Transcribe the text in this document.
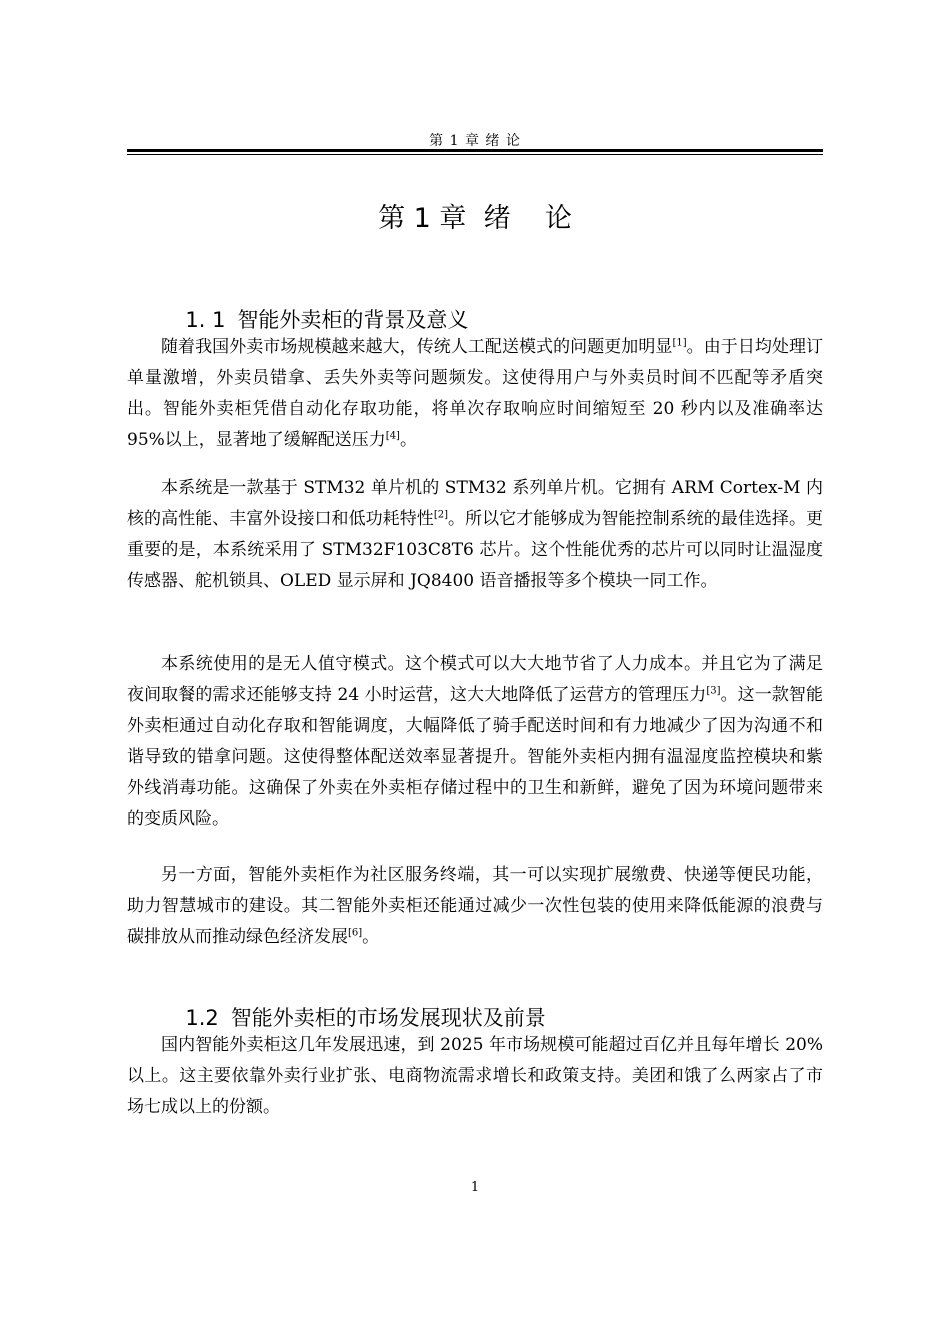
第 1 章 绪 论
第 1 章  绪    论

1. 1 智能外卖柜的背景及意义

随着我国外卖市场规模越来越大，传统人工配送模式的问题更加明显[1]。由于日均处理订单量激增，外卖员错拿、丢失外卖等问题频发。这使得用户与外卖员时间不匹配等矛盾突出。智能外卖柜凭借自动化存取功能，将单次存取响应时间缩短至 20 秒内以及准确率达 95%以上，显著地了缓解配送压力[4]。

本系统是一款基于 STM32 单片机的 STM32 系列单片机。它拥有 ARM Cortex-M 内核的高性能、丰富外设接口和低功耗特性[2]。所以它才能够成为智能控制系统的最佳选择。更重要的是，本系统采用了 STM32F103C8T6 芯片。这个性能优秀的芯片可以同时让温湿度传感器、舵机锁具、OLED 显示屏和 JQ8400 语音播报等多个模块一同工作。

本系统使用的是无人值守模式。这个模式可以大大地节省了人力成本。并且它为了满足夜间取餐的需求还能够支持 24 小时运营，这大大地降低了运营方的管理压力[3]。这一款智能外卖柜通过自动化存取和智能调度，大幅降低了骑手配送时间和有力地减少了因为沟通不和谐导致的错拿问题。这使得整体配送效率显著提升。智能外卖柜内拥有温湿度监控模块和紫外线消毒功能。这确保了外卖在外卖柜存储过程中的卫生和新鲜，避免了因为环境问题带来的变质风险。

另一方面，智能外卖柜作为社区服务终端，其一可以实现扩展缴费、快递等便民功能，助力智慧城市的建设。其二智能外卖柜还能通过减少一次性包装的使用来降低能源的浪费与碳排放从而推动绿色经济发展[6]。

1.2 智能外卖柜的市场发展现状及前景

国内智能外卖柜这几年发展迅速，到 2025 年市场规模可能超过百亿并且每年增长 20%以上。这主要依靠外卖行业扩张、电商物流需求增长和政策支持。美团和饿了么两家占了市场七成以上的份额。

1
